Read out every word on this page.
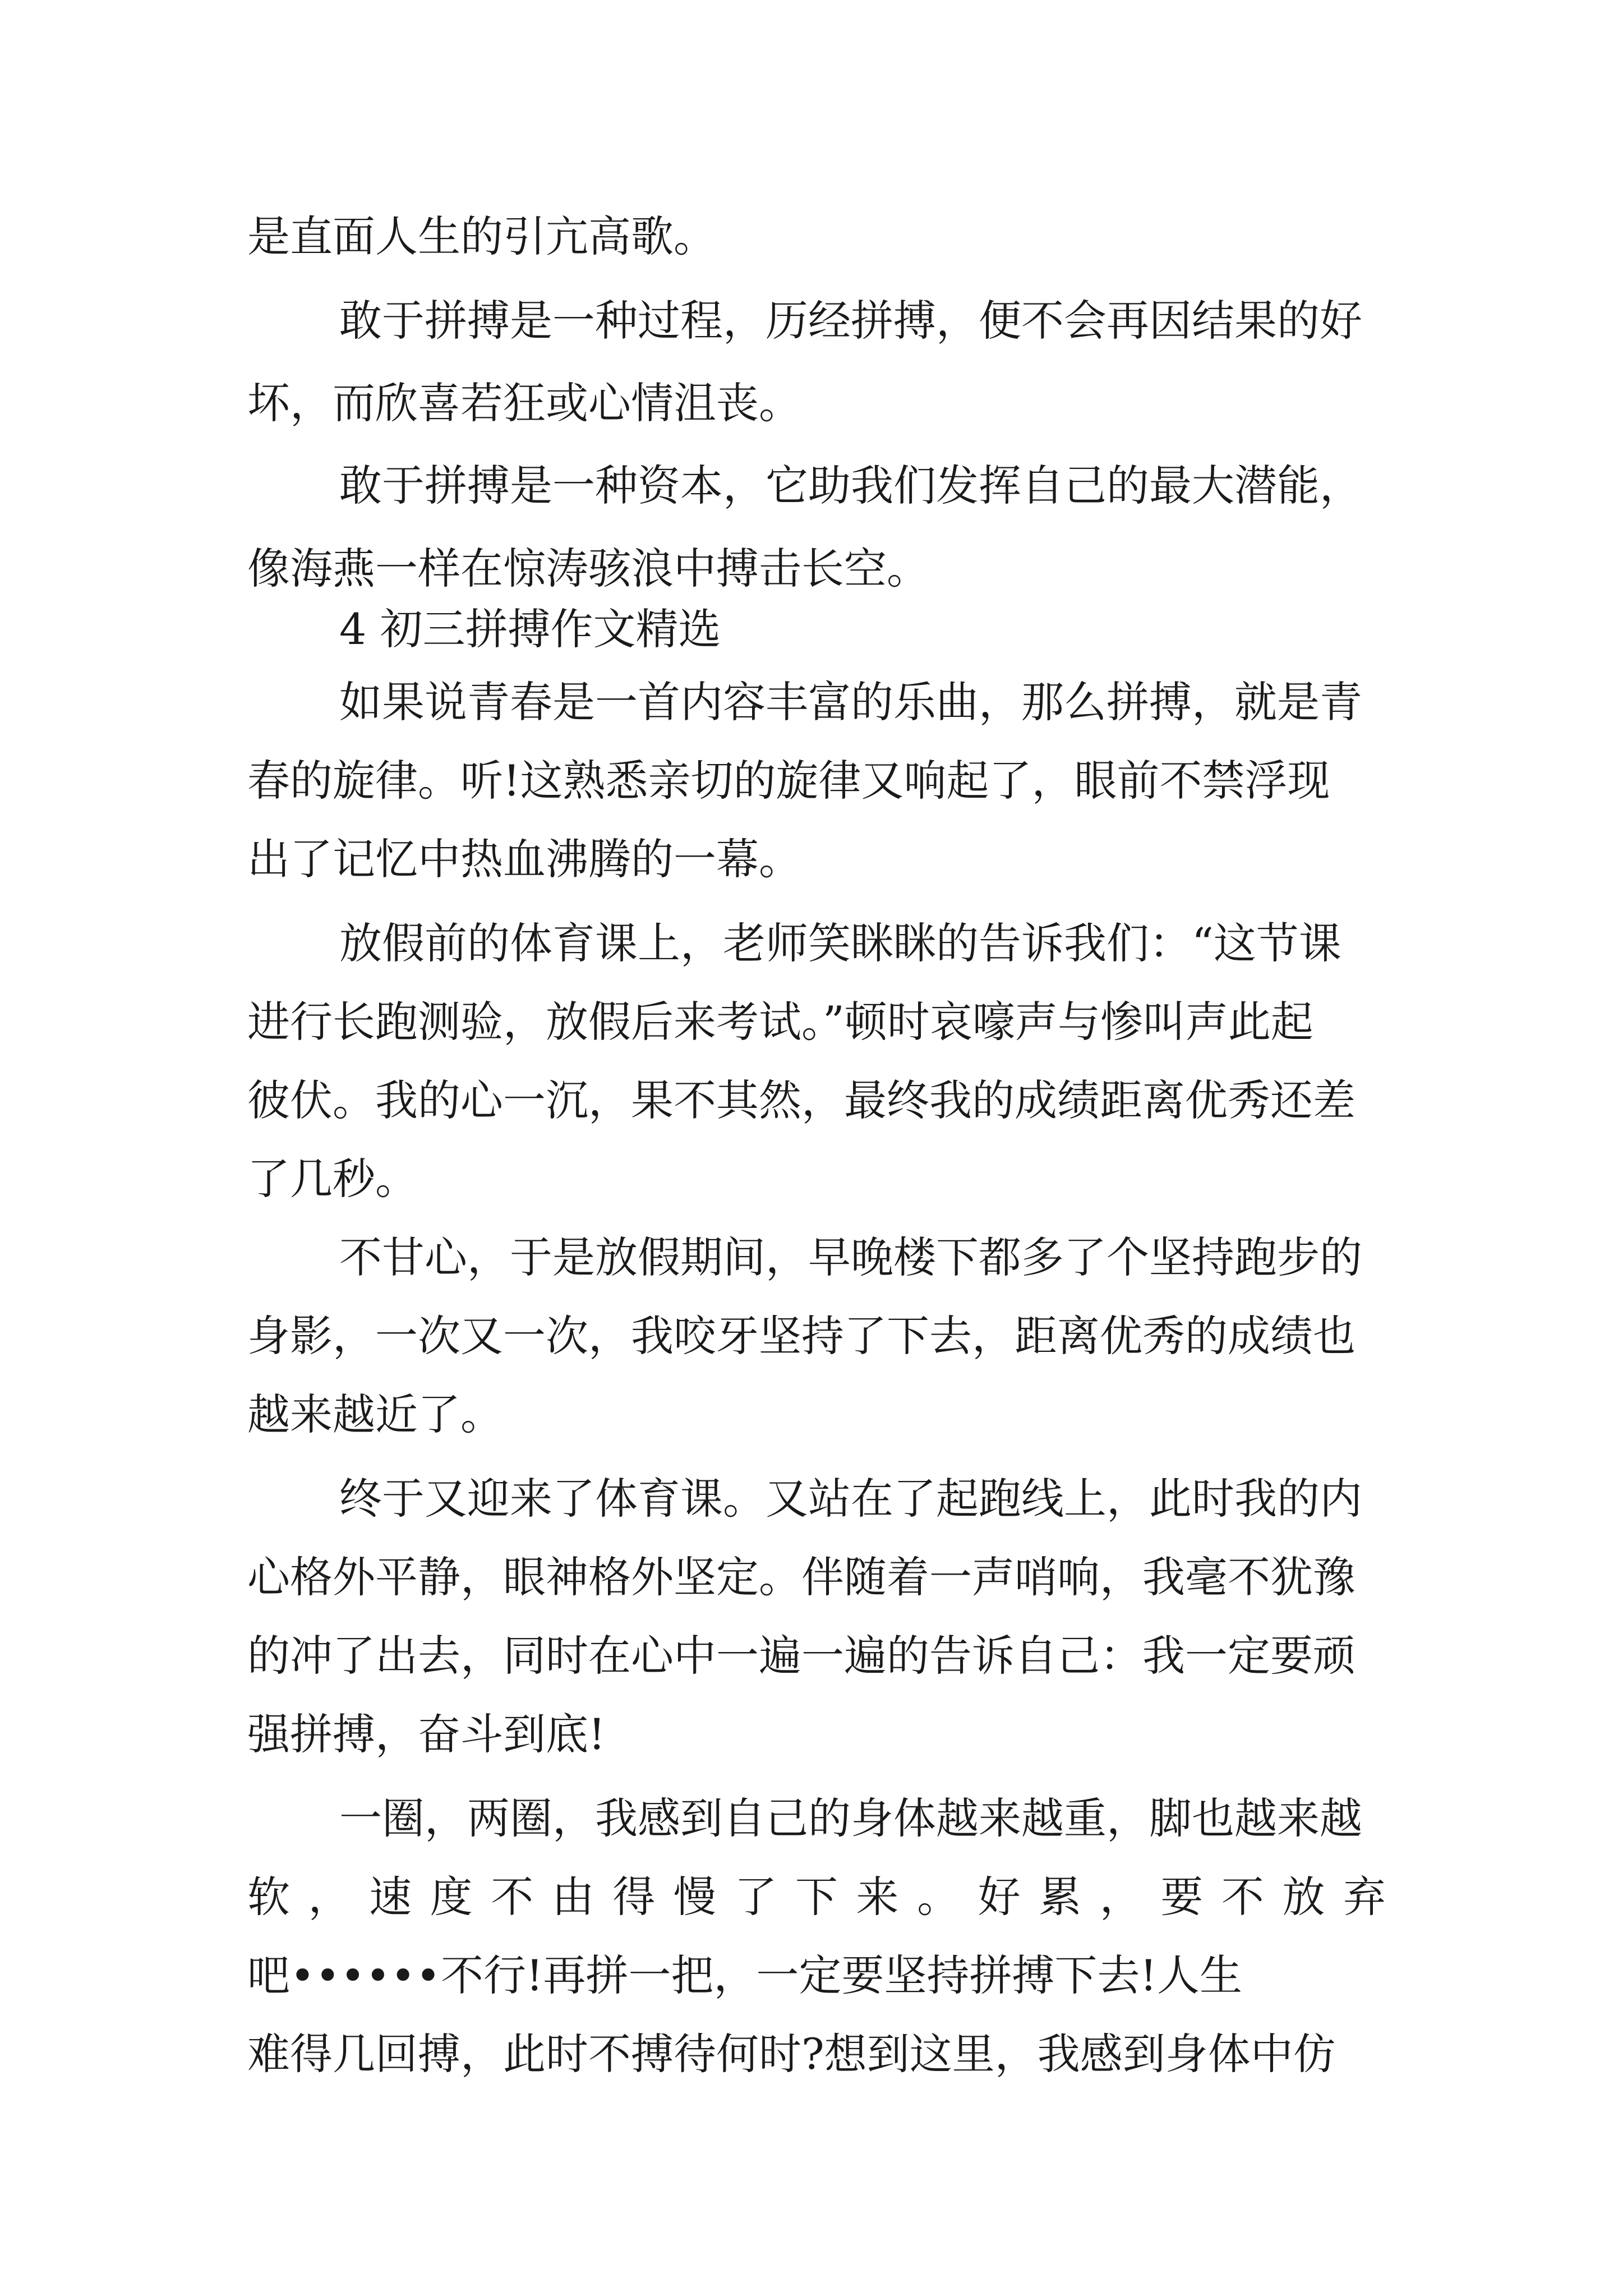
是直面人生的引亢高歌。

敢于拼搏是一种过程，历经拼搏，便不会再因结果的好

坏，而欣喜若狂或心情沮丧。

敢于拼搏是一种资本，它助我们发挥自己的最大潜能，

像海燕一样在惊涛骇浪中搏击长空。

4 初三拼搏作文精选

如果说青春是一首内容丰富的乐曲，那么拼搏，就是青

春的旋律。听!这熟悉亲切的旋律又响起了，眼前不禁浮现

出了记忆中热血沸腾的一幕。

放假前的体育课上，老师笑眯眯的告诉我们：“这节课

进行长跑测验，放假后来考试。”顿时哀嚎声与惨叫声此起

彼伏。我的心一沉，果不其然，最终我的成绩距离优秀还差

了几秒。

不甘心，于是放假期间，早晚楼下都多了个坚持跑步的

身影，一次又一次，我咬牙坚持了下去，距离优秀的成绩也

越来越近了。

终于又迎来了体育课。又站在了起跑线上，此时我的内

心格外平静，眼神格外坚定。伴随着一声哨响，我毫不犹豫

的冲了出去，同时在心中一遍一遍的告诉自己：我一定要顽

强拼搏，奋斗到底!

一圈，两圈，我感到自己的身体越来越重，脚也越来越

软，速度不由得慢了下来。好累，要不放弃

吧••••••不行!再拼一把，一定要坚持拼搏下去!人生

难得几回搏，此时不搏待何时?想到这里，我感到身体中仿
